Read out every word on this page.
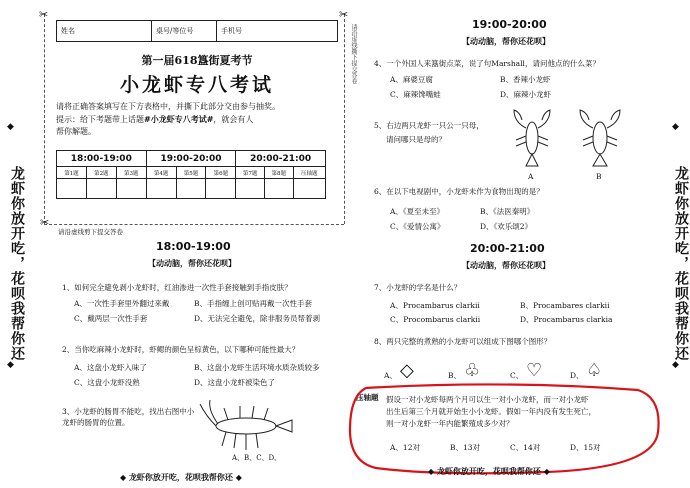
◆
龙虾你放开吃，花呗我帮你还
◆
◆
龙虾你放开吃，花呗我帮你还
◆
✂	✂
✂
请沿虚线撕下提交答卷
请沿虚线剪下提交答卷
姓名	桌号/等位号	手机号
第一届618簋街夏考节
小龙虾专八考试
请将正确答案填写在下方表格中，并撕下此部分交由参与抽奖。
提示：给下考题带上话题#小龙虾专八考试#，就会有人
帮你解题。
18:00-19:00			19:00-20:00			20:00-21:00		
第1题	第2题	第3题	第4题	第5题	第6题	第7题	第8题	压轴题

18:00-19:00
【动动脑，帮你还花呗】
1、如何完全避免剥小龙虾时，红油渗进一次性手套接触到手指皮肤？
A、一次性手套里外翻过来戴	B、手指缠上创可贴再戴一次性手套
C、戴两层一次性手套	D、无法完全避免，除非服务员帮着剥
2、当你吃麻辣小龙虾时，虾鳃的颜色呈棕黄色，以下哪种可能性最大？
A、这盘小龙虾入味了	B、这盘小龙虾生活环境水质杂质较多
C、这盘小龙虾没熟	D、这盘小龙虾被染色了
3、小龙虾的肠胃不能吃，找出右图中小龙虾的肠胃的位置。
A、B、C、D、
◆ 龙虾你放开吃，花呗我帮你还 ◆
19:00-20:00
【动动脑，帮你还花呗】
4、一个外国人来簋街点菜，说了句Marshall，请问他点的什么菜？
A、麻婆豆腐	B、香辣小龙虾
C、麻辣馋嘴蛙	D、麻辣小龙虾
5、右边两只龙虾一只公一只母，
请问哪只是母的？
A	B
6、在以下电视剧中，小龙虾未作为食物出现的是？
A、《夏至未至》	B、《法医秦明》
C、《爱情公寓》	D、《欢乐颂2》
20:00-21:00
【动动脑，帮你还花呗】
7、小龙虾的学名是什么？
A、Procambarus clarkii	B、Procambares clarkii
C、Procombarus clarkii	D、Procambarus clarkia
8、两只完整的煮熟的小龙虾可以组成下图哪个图形？
A、 ◇	B、 ♧	C、 ♡	D、 ♤
压轴题	假设一对小龙虾每两个月可以生一对小小龙虾，而一对小龙虾
出生后第三个月就开始生小小龙虾。假如一年内没有发生死亡，
则一对小龙虾一年内能繁殖成多少对？
A、12对	B、13对	C、14对	D、15对
◆ 龙虾你放开吃，花呗我帮你还 ◆
